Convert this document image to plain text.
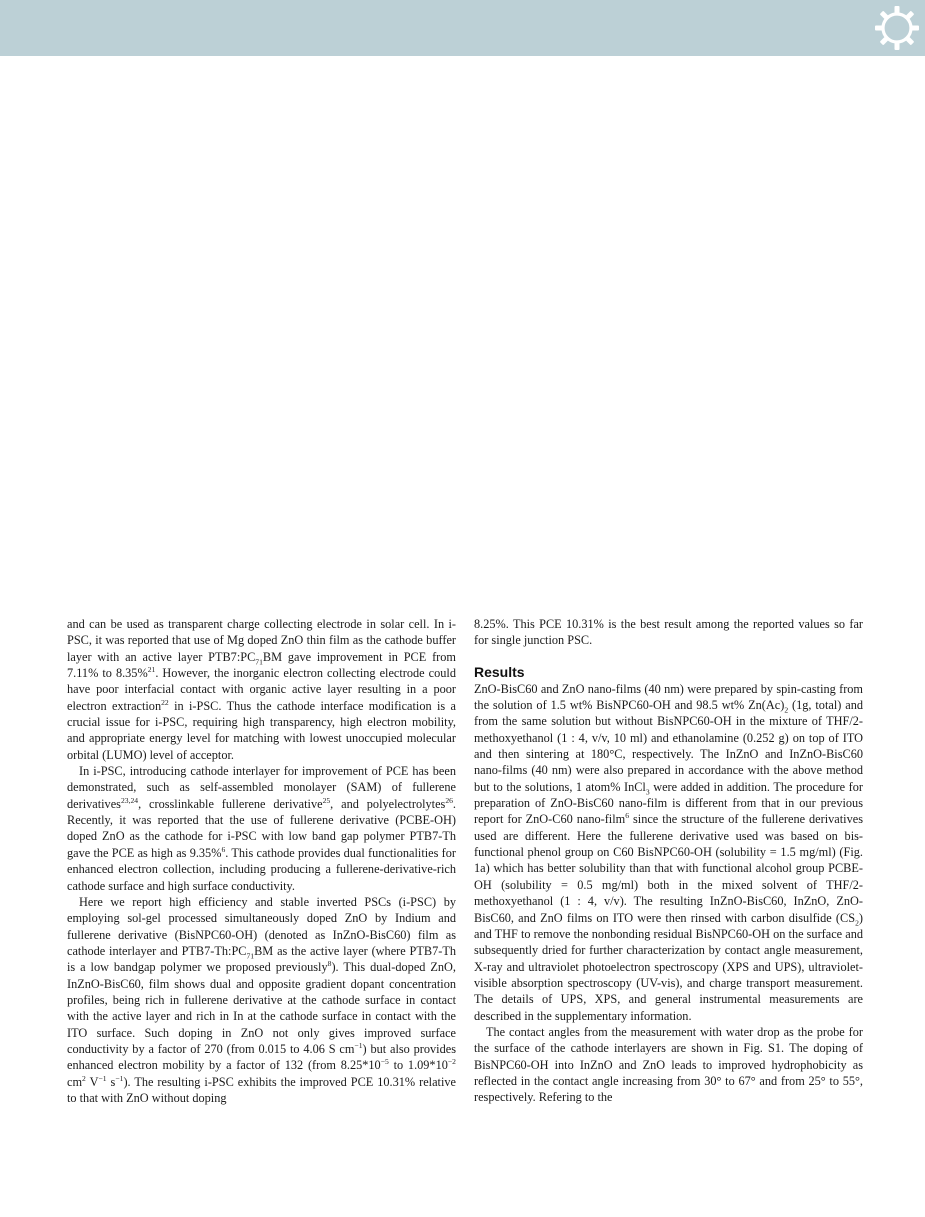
and can be used as transparent charge collecting electrode in solar cell. In i-PSC, it was reported that use of Mg doped ZnO thin film as the cathode buffer layer with an active layer $PTB7:PC_{71}BM$ gave improvement in PCE from 7.11% to 8.35%$^{21}$. However, the inorganic electron collecting electrode could have poor interfacial contact with organic active layer resulting in a poor electron extraction$^{22}$ in i-PSC. Thus the cathode interface modification is a crucial issue for i-PSC, requiring high transparency, high electron mobility, and appropriate energy level for matching with lowest unoccupied molecular orbital (LUMO) level of acceptor.

In i-PSC, introducing cathode interlayer for improvement of PCE has been demonstrated, such as self-assembled monolayer (SAM) of fullerene derivatives$^{23,24}$, crosslinkable fullerene derivative$^{25}$, and polyelectrolytes$^{26}$. Recently, it was reported that the use of fullerene derivative (PCBE-OH) doped ZnO as the cathode for i-PSC with low band gap polymer PTB7-Th gave the PCE as high as 9.35%$^6$. This cathode provides dual functionalities for enhanced electron collection, including producing a fullerene-derivative-rich cathode surface and high surface conductivity.

Here we report high efficiency and stable inverted PSCs (i-PSC) by employing sol-gel processed simultaneously doped ZnO by Indium and fullerene derivative (BisNPC60-OH) (denoted as InZnO-BisC60) film as cathode interlayer and $PTB7-Th:PC_{71}BM$ as the active layer (where PTB7-Th is a low bandgap polymer we proposed previously$^8$). This dual-doped ZnO, InZnO-BisC60, film shows dual and opposite gradient dopant concentration profiles, being rich in fullerene derivative at the cathode surface in contact with the active layer and rich in In at the cathode surface in contact with the ITO surface. Such doping in ZnO not only gives improved surface conductivity by a factor of 270 (from 0.015 to 4.06 S $cm^{-1}$) but also provides enhanced electron mobility by a factor of 132 (from $8.25*10^{-5}$ to $1.09*10^{-2}$ $cm^2$ $V^{-1}$ $s^{-1}$). The resulting i-PSC exhibits the improved PCE 10.31% relative to that with ZnO without doping

8.25%. This PCE 10.31% is the best result among the reported values so far for single junction PSC.

Results

ZnO-BisC60 and ZnO nano-films (40 nm) were prepared by spin-casting from the solution of 1.5 wt% BisNPC60-OH and 98.5 wt% $Zn(Ac)_2$ (1g, total) and from the same solution but without BisNPC60-OH in the mixture of THF/2-methoxyethanol (1 : 4, v/v, 10 ml) and ethanolamine (0.252 g) on top of ITO and then sintering at 180°C, respectively. The InZnO and InZnO-BisC60 nano-films (40 nm) were also prepared in accordance with the above method but to the solutions, 1 atom% InCl$_3$ were added in addition. The procedure for preparation of ZnO-BisC60 nano-film is different from that in our previous report for ZnO-C60 nano-film$^6$ since the structure of the fullerene derivatives used are different. Here the fullerene derivative used was based on bis-functional phenol group on C60 BisNPC60-OH (solubility = 1.5 mg/ml) (Fig. 1a) which has better solubility than that with functional alcohol group PCBE-OH (solubility = 0.5 mg/ml) both in the mixed solvent of THF/2-methoxyethanol (1 : 4, v/v). The resulting InZnO-BisC60, InZnO, ZnO-BisC60, and ZnO films on ITO were then rinsed with carbon disulfide $(CS_2)$ and THF to remove the nonbonding residual BisNPC60-OH on the surface and subsequently dried for further characterization by contact angle measurement, X-ray and ultraviolet photoelectron spectroscopy (XPS and UPS), ultraviolet-visible absorption spectroscopy (UV-vis), and charge transport measurement. The details of UPS, XPS, and general instrumental measurements are described in the supplementary information.

The contact angles from the measurement with water drop as the probe for the surface of the cathode interlayers are shown in Fig. S1. The doping of BisNPC60-OH into InZnO and ZnO leads to improved hydrophobicity as reflected in the contact angle increasing from 30° to 67° and from 25° to 55°, respectively. Refering to the
